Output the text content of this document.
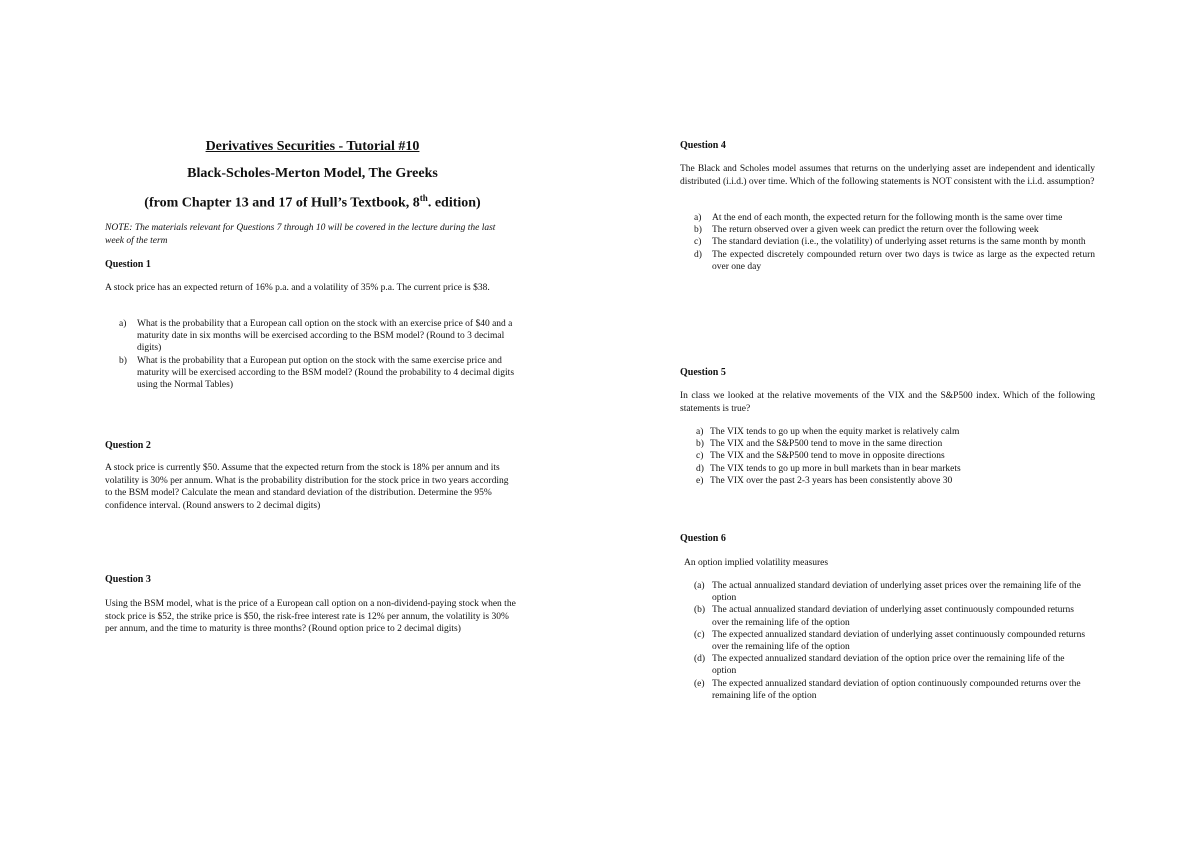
Derivatives Securities - Tutorial #10
Black-Scholes-Merton Model, The Greeks
(from Chapter 13 and 17 of Hull’s Textbook, 8th. edition)
NOTE: The materials relevant for Questions 7 through 10 will be covered in the lecture during the last week of the term
Question 1
A stock price has an expected return of 16% p.a. and a volatility of 35% p.a. The current price is $38.
a) What is the probability that a European call option on the stock with an exercise price of $40 and a maturity date in six months will be exercised according to the BSM model? (Round to 3 decimal digits)
b) What is the probability that a European put option on the stock with the same exercise price and maturity will be exercised according to the BSM model? (Round the probability to 4 decimal digits using the Normal Tables)
Question 2
A stock price is currently $50. Assume that the expected return from the stock is 18% per annum and its volatility is 30% per annum. What is the probability distribution for the stock price in two years according to the BSM model? Calculate the mean and standard deviation of the distribution. Determine the 95% confidence interval. (Round answers to 2 decimal digits)
Question 3
Using the BSM model, what is the price of a European call option on a non-dividend-paying stock when the stock price is $52, the strike price is $50, the risk-free interest rate is 12% per annum, the volatility is 30% per annum, and the time to maturity is three months? (Round option price to 2 decimal digits)
Question 4
The Black and Scholes model assumes that returns on the underlying asset are independent and identically distributed (i.i.d.) over time. Which of the following statements is NOT consistent with the i.i.d. assumption?
a) At the end of each month, the expected return for the following month is the same over time
b) The return observed over a given week can predict the return over the following week
c) The standard deviation (i.e., the volatility) of underlying asset returns is the same month by month
d) The expected discretely compounded return over two days is twice as large as the expected return over one day
Question 5
In class we looked at the relative movements of the VIX and the S&P500 index. Which of the following statements is true?
a) The VIX tends to go up when the equity market is relatively calm
b) The VIX and the S&P500 tend to move in the same direction
c) The VIX and the S&P500 tend to move in opposite directions
d) The VIX tends to go up more in bull markets than in bear markets
e) The VIX over the past 2-3 years has been consistently above 30
Question 6
An option implied volatility measures
(a) The actual annualized standard deviation of underlying asset prices over the remaining life of the option
(b) The actual annualized standard deviation of underlying asset continuously compounded returns over the remaining life of the option
(c) The expected annualized standard deviation of underlying asset continuously compounded returns over the remaining life of the option
(d) The expected annualized standard deviation of the option price over the remaining life of the option
(e) The expected annualized standard deviation of option continuously compounded returns over the remaining life of the option
